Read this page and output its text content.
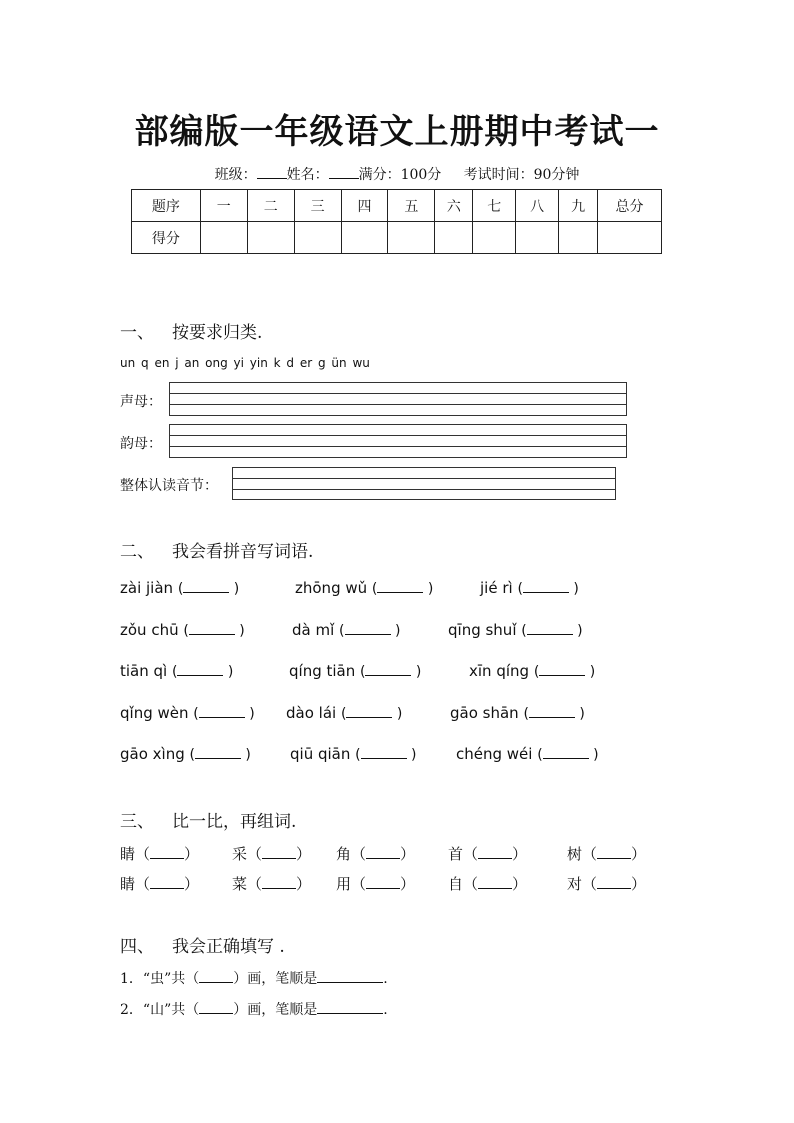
部编版一年级语文上册期中考试一
班级： 姓名： 满分：100分 考试时间：90分钟
题序	一	二	三	四	五	六	七	八	九	总分
得分										
一、 按要求归类.
un q en j an ong yi yin k d er g ün wu
声母：
韵母：
整体认读音节：
二、 我会看拼音写词语.
zài jiàn (	)	zhōng wǔ (	)	jié rì (	)
zǒu chū (	)	dà mǐ (	)	qīng shuǐ (	)
tiān qì (	)	qíng tiān (	)	xīn qíng (	)
qǐng wèn (	) dào lái (	)	gāo shān (	)
gāo xìng (	)	qiū qiān (	)	chéng wéi (	)
三、 比一比，再组词.
睛（ ） 采（ ） 角（ ） 首（ ）	树（ ）
睛（ ） 菜（ ） 用（ ） 自（ ）	对（ ）
四、 我会正确填写 .
1．“虫”共（ ）画，笔顺是	.
2．“山”共（ ）画，笔顺是	.
